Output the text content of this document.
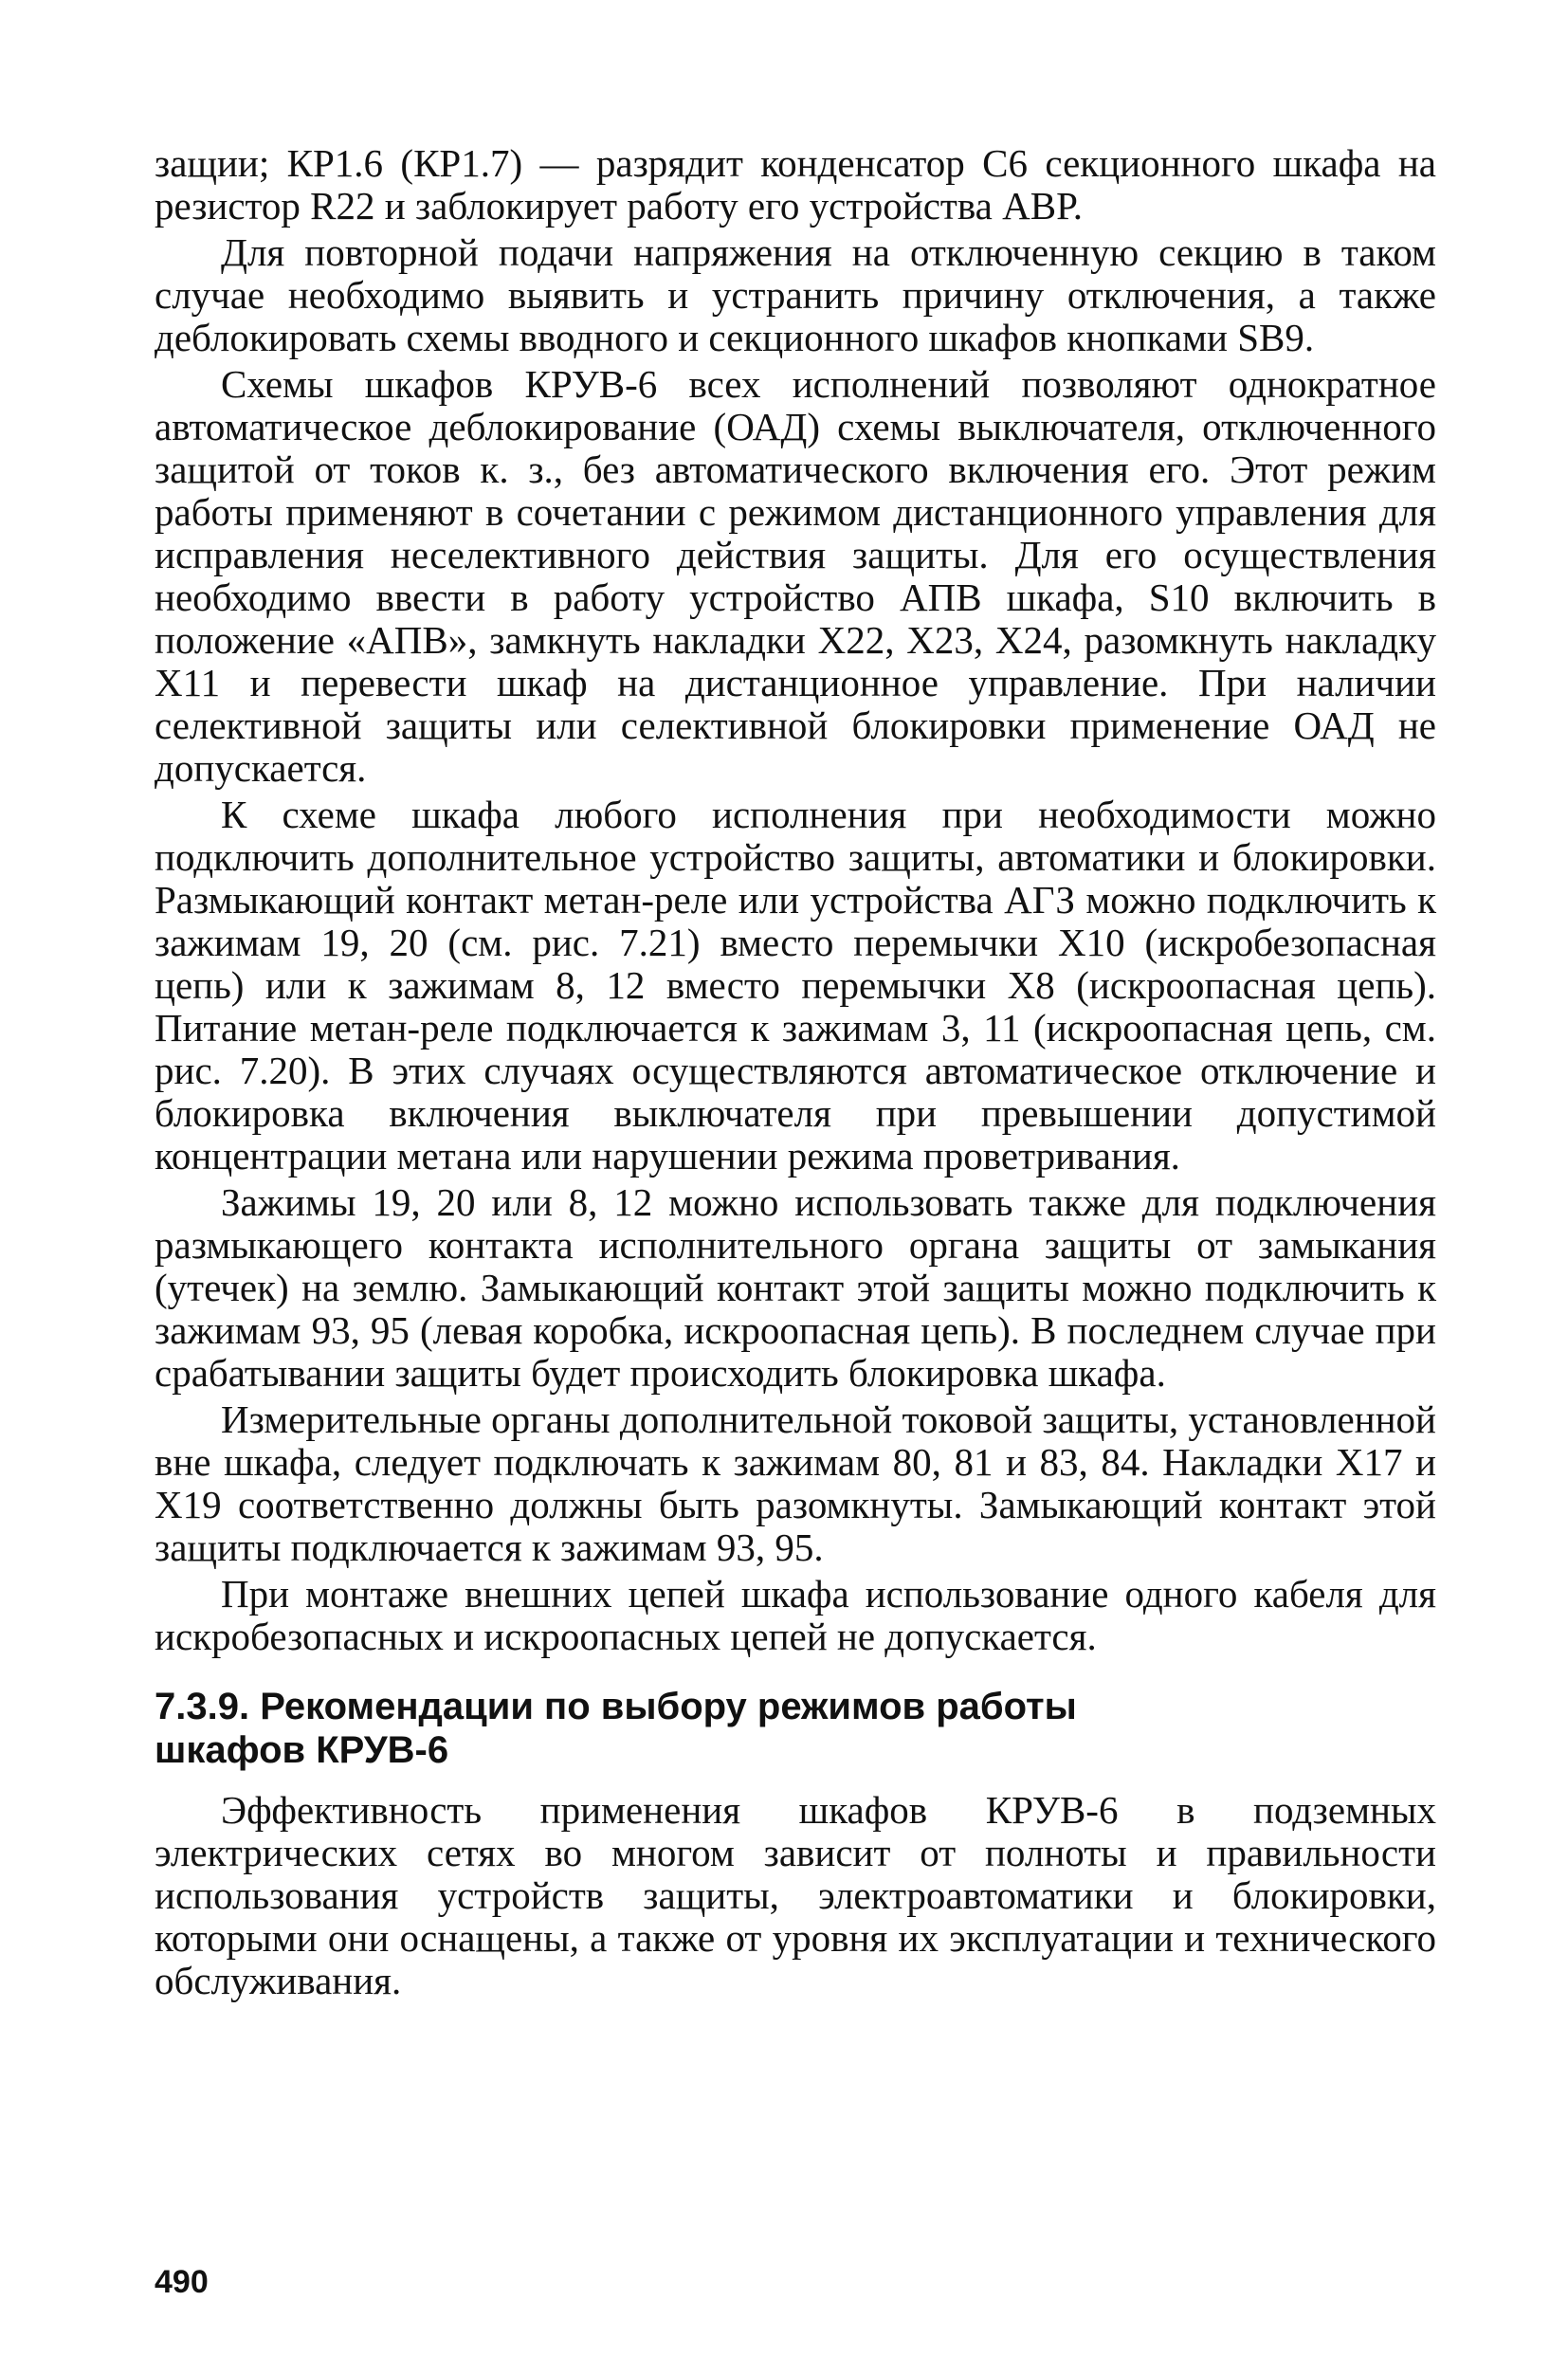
защии; КР1.6 (КР1.7) — разрядит конденсатор С6 секционного шкафа на резистор R22 и заблокирует работу его устройства АВР.

Для повторной подачи напряжения на отключенную секцию в таком случае необходимо выявить и устранить причину отключения, а также деблокировать схемы вводного и секционного шкафов кнопками SB9.

Схемы шкафов КРУВ-6 всех исполнений позволяют однократное автоматическое деблокирование (ОАД) схемы выключателя, отключенного защитой от токов к. з., без автоматического включения его. Этот режим работы применяют в сочетании с режимом дистанционного управления для исправления неселективного действия защиты. Для его осуществления необходимо ввести в работу устройство АПВ шкафа, S10 включить в положение «АПВ», замкнуть накладки X22, X23, X24, разомкнуть накладку X11 и перевести шкаф на дистанционное управление. При наличии селективной защиты или селективной блокировки применение ОАД не допускается.

К схеме шкафа любого исполнения при необходимости можно подключить дополнительное устройство защиты, автоматики и блокировки. Размыкающий контакт метан-реле или устройства АГЗ можно подключить к зажимам 19, 20 (см. рис. 7.21) вместо перемычки X10 (искробезопасная цепь) или к зажимам 8, 12 вместо перемычки X8 (искроопасная цепь). Питание метан-реле подключается к зажимам 3, 11 (искроопасная цепь, см. рис. 7.20). В этих случаях осуществляются автоматическое отключение и блокировка включения выключателя при превышении допустимой концентрации метана или нарушении режима проветривания.

Зажимы 19, 20 или 8, 12 можно использовать также для подключения размыкающего контакта исполнительного органа защиты от замыкания (утечек) на землю. Замыкающий контакт этой защиты можно подключить к зажимам 93, 95 (левая коробка, искроопасная цепь). В последнем случае при срабатывании защиты будет происходить блокировка шкафа.

Измерительные органы дополнительной токовой защиты, установленной вне шкафа, следует подключать к зажимам 80, 81 и 83, 84. Накладки X17 и X19 соответственно должны быть разомкнуты. Замыкающий контакт этой защиты подключается к зажимам 93, 95.

При монтаже внешних цепей шкафа использование одного кабеля для искробезопасных и искроопасных цепей не допускается.

7.3.9. Рекомендации по выбору режимов работы
шкафов КРУВ-6

Эффективность применения шкафов КРУВ-6 в подземных электрических сетях во многом зависит от полноты и правильности использования устройств защиты, электроавтоматики и блокировки, которыми они оснащены, а также от уровня их эксплуатации и технического обслуживания.

490
